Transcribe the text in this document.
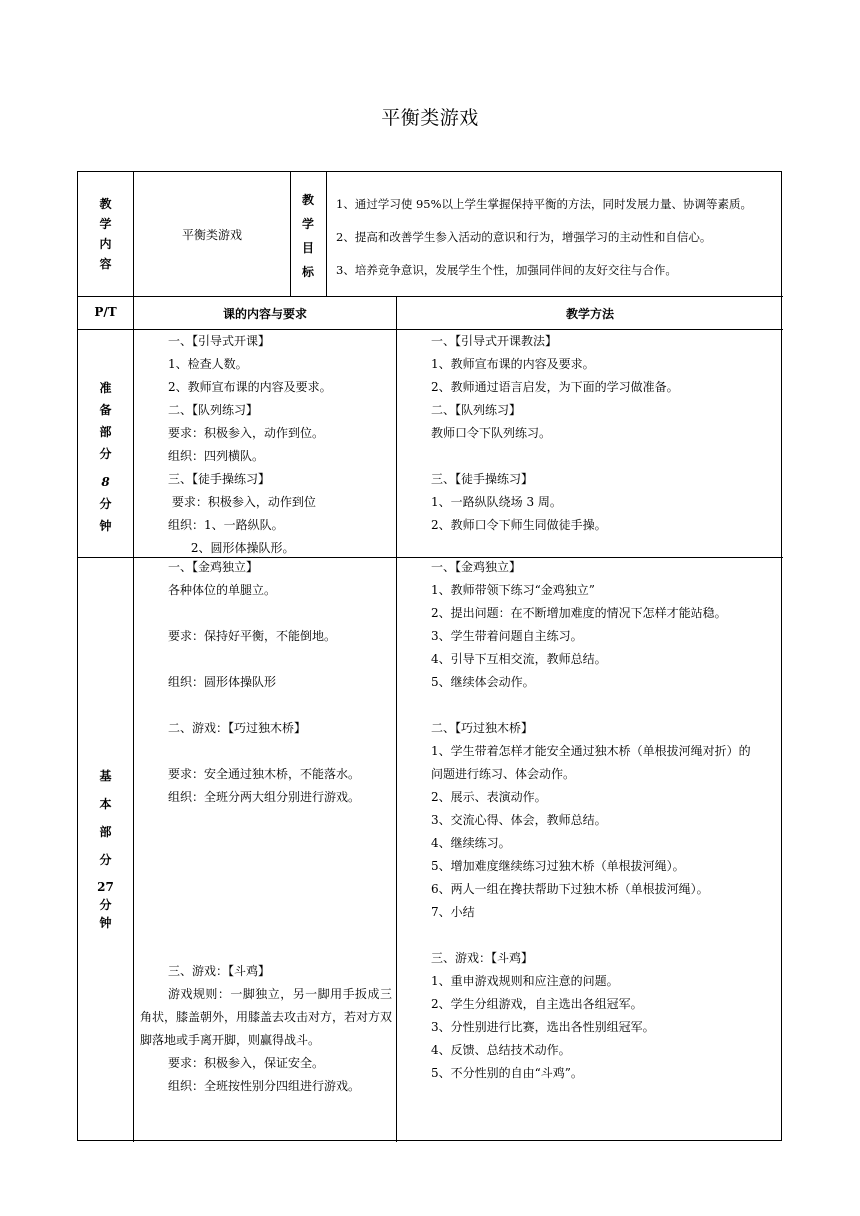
平衡类游戏
教学内容
平衡类游戏
教学目标
1、通过学习使 95%以上学生掌握保持平衡的方法，同时发展力量、协调等素质。
2、提高和改善学生参入活动的意识和行为，增强学习的主动性和自信心。
3、培养竞争意识，发展学生个性，加强同伴间的友好交往与合作。
P/T	课的内容与要求	教学方法
准
备
部
分
8
分
钟
一、【引导式开课】
1、检查人数。
2、教师宣布课的内容及要求。
二、【队列练习】
要求：积极参入，动作到位。
组织：四列横队。
三、【徒手操练习】
要求：积极参入，动作到位
组织：1、一路纵队。
2、圆形体操队形。
一、【引导式开课教法】
1、教师宣布课的内容及要求。
2、教师通过语言启发，为下面的学习做准备。
二、【队列练习】
教师口令下队列练习。
三、【徒手操练习】
1、一路纵队绕场 3 周。
2、教师口令下师生同做徒手操。
基
本
部
分
27
分
钟
一、【金鸡独立】
各种体位的单腿立。
要求：保持好平衡，不能倒地。
组织：圆形体操队形
二、游戏：【巧过独木桥】
要求：安全通过独木桥，不能落水。
组织：全班分两大组分别进行游戏。
三、游戏：【斗鸡】
游戏规则：一脚独立，另一脚用手扳成三角状，膝盖朝外，用膝盖去攻击对方，若对方双脚落地或手离开脚，则赢得战斗。
要求：积极参入，保证安全。
组织：全班按性别分四组进行游戏。
一、【金鸡独立】
1、教师带领下练习“金鸡独立”
2、提出问题：在不断增加难度的情况下怎样才能站稳。
3、学生带着问题自主练习。
4、引导下互相交流，教师总结。
5、继续体会动作。
二、【巧过独木桥】
1、学生带着怎样才能安全通过独木桥（单根拔河绳对折）的
问题进行练习、体会动作。
2、展示、表演动作。
3、交流心得、体会，教师总结。
4、继续练习。
5、增加难度继续练习过独木桥（单根拔河绳）。
6、两人一组在搀扶帮助下过独木桥（单根拔河绳）。
7、小结
三、游戏：【斗鸡】
1、重申游戏规则和应注意的问题。
2、学生分组游戏，自主选出各组冠军。
3、分性别进行比赛，选出各性别组冠军。
4、反馈、总结技术动作。
5、不分性别的自由“斗鸡”。
